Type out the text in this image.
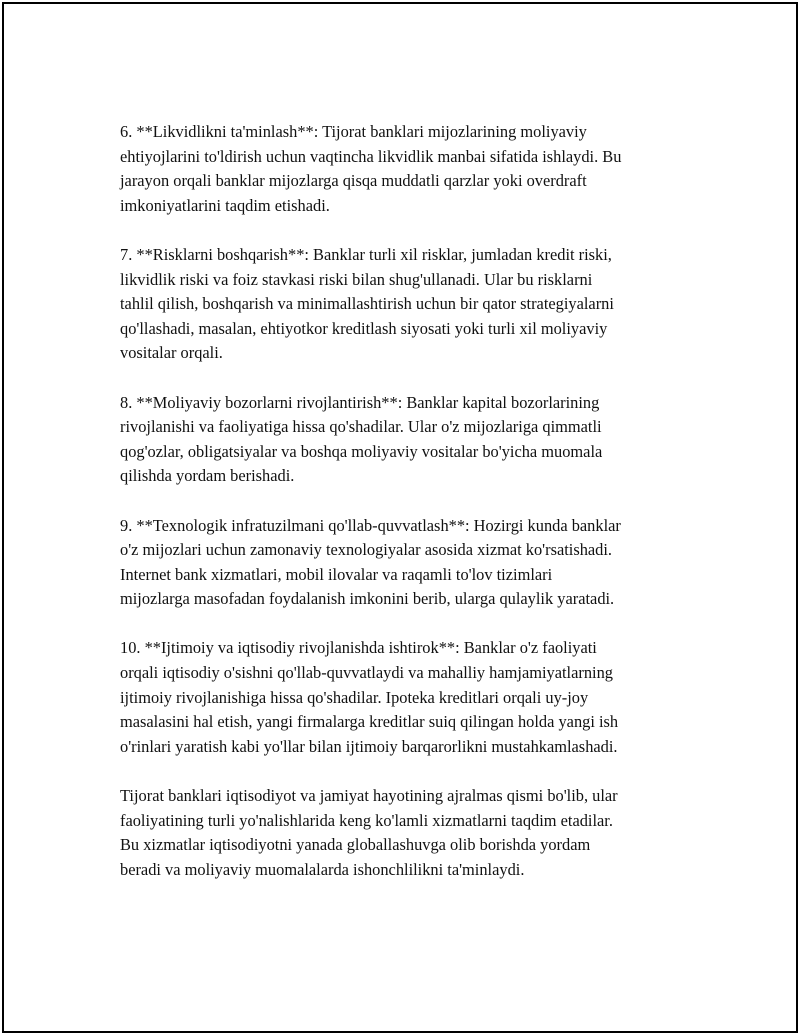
6. **Likvidlikni ta'minlash**: Tijorat banklari mijozlarining moliyaviy
ehtiyojlarini to'ldirish uchun vaqtincha likvidlik manbai sifatida ishlaydi. Bu
jarayon orqali banklar mijozlarga qisqa muddatli qarzlar yoki overdraft
imkoniyatlarini taqdim etishadi.

7. **Risklarni boshqarish**: Banklar turli xil risklar, jumladan kredit riski,
likvidlik riski va foiz stavkasi riski bilan shug'ullanadi. Ular bu risklarni
tahlil qilish, boshqarish va minimallashtirish uchun bir qator strategiyalarni
qo'llashadi, masalan, ehtiyotkor kreditlash siyosati yoki turli xil moliyaviy
vositalar orqali.

8. **Moliyaviy bozorlarni rivojlantirish**: Banklar kapital bozorlarining
rivojlanishi va faoliyatiga hissa qo'shadilar. Ular o'z mijozlariga qimmatli
qog'ozlar, obligatsiyalar va boshqa moliyaviy vositalar bo'yicha muomala
qilishda yordam berishadi.

9. **Texnologik infratuzilmani qo'llab-quvvatlash**: Hozirgi kunda banklar
o'z mijozlari uchun zamonaviy texnologiyalar asosida xizmat ko'rsatishadi.
Internet bank xizmatlari, mobil ilovalar va raqamli to'lov tizimlari
mijozlarga masofadan foydalanish imkonini berib, ularga qulaylik yaratadi.

10. **Ijtimoiy va iqtisodiy rivojlanishda ishtirok**: Banklar o'z faoliyati
orqali iqtisodiy o'sishni qo'llab-quvvatlaydi va mahalliy hamjamiyatlarning
ijtimoiy rivojlanishiga hissa qo'shadilar. Ipoteka kreditlari orqali uy-joy
masalasini hal etish, yangi firmalarga kreditlar suiq qilingan holda yangi ish
o'rinlari yaratish kabi yo'llar bilan ijtimoiy barqarorlikni mustahkamlashadi.

Tijorat banklari iqtisodiyot va jamiyat hayotining ajralmas qismi bo'lib, ular
faoliyatining turli yo'nalishlarida keng ko'lamli xizmatlarni taqdim etadilar.
Bu xizmatlar iqtisodiyotni yanada globallashuvga olib borishda yordam
beradi va moliyaviy muomalalarda ishonchlilikni ta'minlaydi.
